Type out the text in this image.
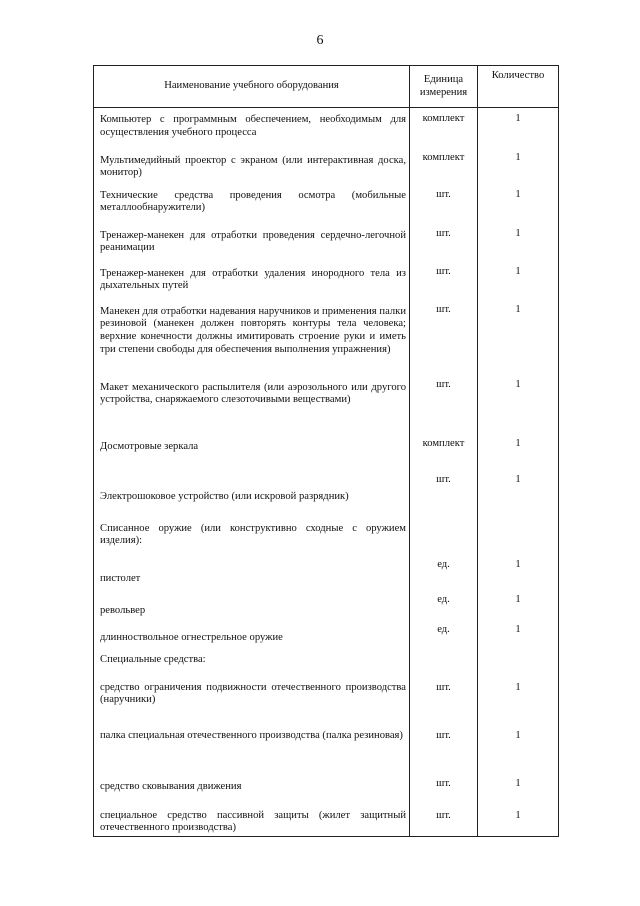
6
Наименование учебного оборудования	Единица измерения	Количество
Компьютер с программным обеспечением, необходимым для осуществления учебного процесса	комплект	1
Мультимедийный проектор с экраном (или интерактивная доска, монитор)	комплект	1
Технические средства проведения осмотра (мобильные металлообнаружители)	шт.	1
Тренажер-манекен для отработки проведения сердечно-легочной реанимации	шт.	1
Тренажер-манекен для отработки удаления инородного тела из дыхательных путей	шт.	1
Манекен для отработки надевания наручников и применения палки резиновой (манекен должен повторять контуры тела человека; верхние конечности должны имитировать строение руки и иметь три степени свободы для обеспечения выполнения упражнения)	шт.	1
Макет механического распылителя (или аэрозольного или другого устройства, снаряжаемого слезоточивыми веществами)	шт.	1
Досмотровые зеркала	комплект	1
Электрошоковое устройство (или искровой разрядник)	шт.	1
Списанное оружие (или конструктивно сходные с оружием изделия):		
пистолет	ед.	1
револьвер	ед.	1
длинноствольное огнестрельное оружие	ед.	1
Специальные средства:		
средство ограничения подвижности отечественного производства (наручники)	шт.	1
палка специальная отечественного производства (палка резиновая)	шт.	1
средство сковывания движения	шт.	1
специальное средство пассивной защиты (жилет защитный отечественного производства)	шт.	1
